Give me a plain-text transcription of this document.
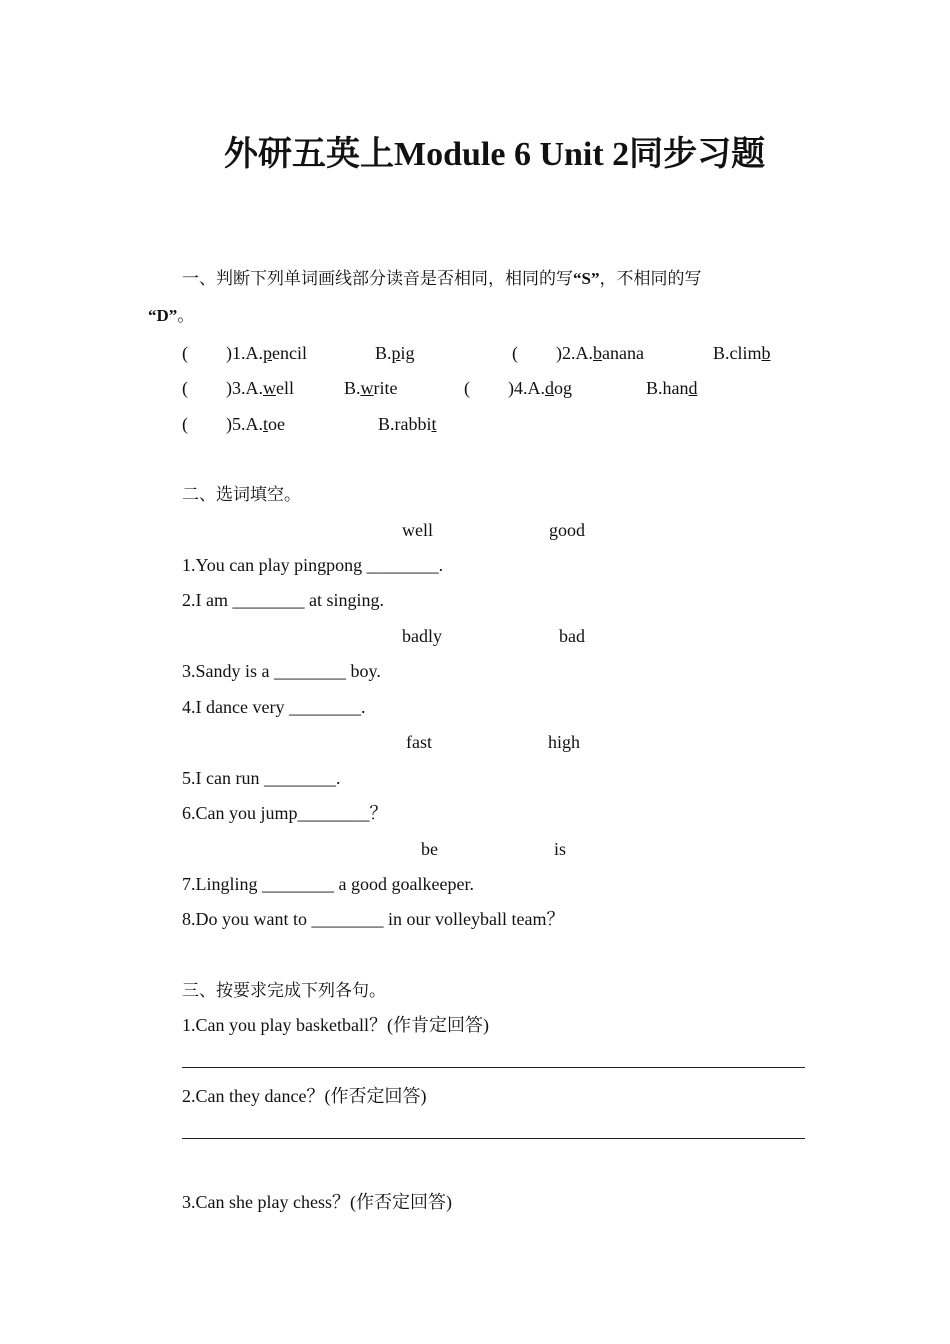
外研五英上Module 6 Unit 2同步习题
一、判断下列单词画线部分读音是否相同，相同的写“S”，不相同的写
“D”。
( )1.A.pencil	B.pig	( )2.A.banana	B.climb
( )3.A.well	B.write	( )4.A.dog	B.hand
( )5.A.toe	B.rabbit
二、选词填空。
well	good
1.You can play pingpong ________.
2.I am ________ at singing.
badly	bad
3.Sandy is a ________ boy.
4.I dance very ________.
fast	high
5.I can run ________.
6.Can you jump________？
be	is
7.Lingling ________ a good goalkeeper.
8.Do you want to ________ in our volleyball team？
三、按要求完成下列各句。
1.Can you play basketball？(作肯定回答)
2.Can they dance？(作否定回答)
3.Can she play chess？(作否定回答)
